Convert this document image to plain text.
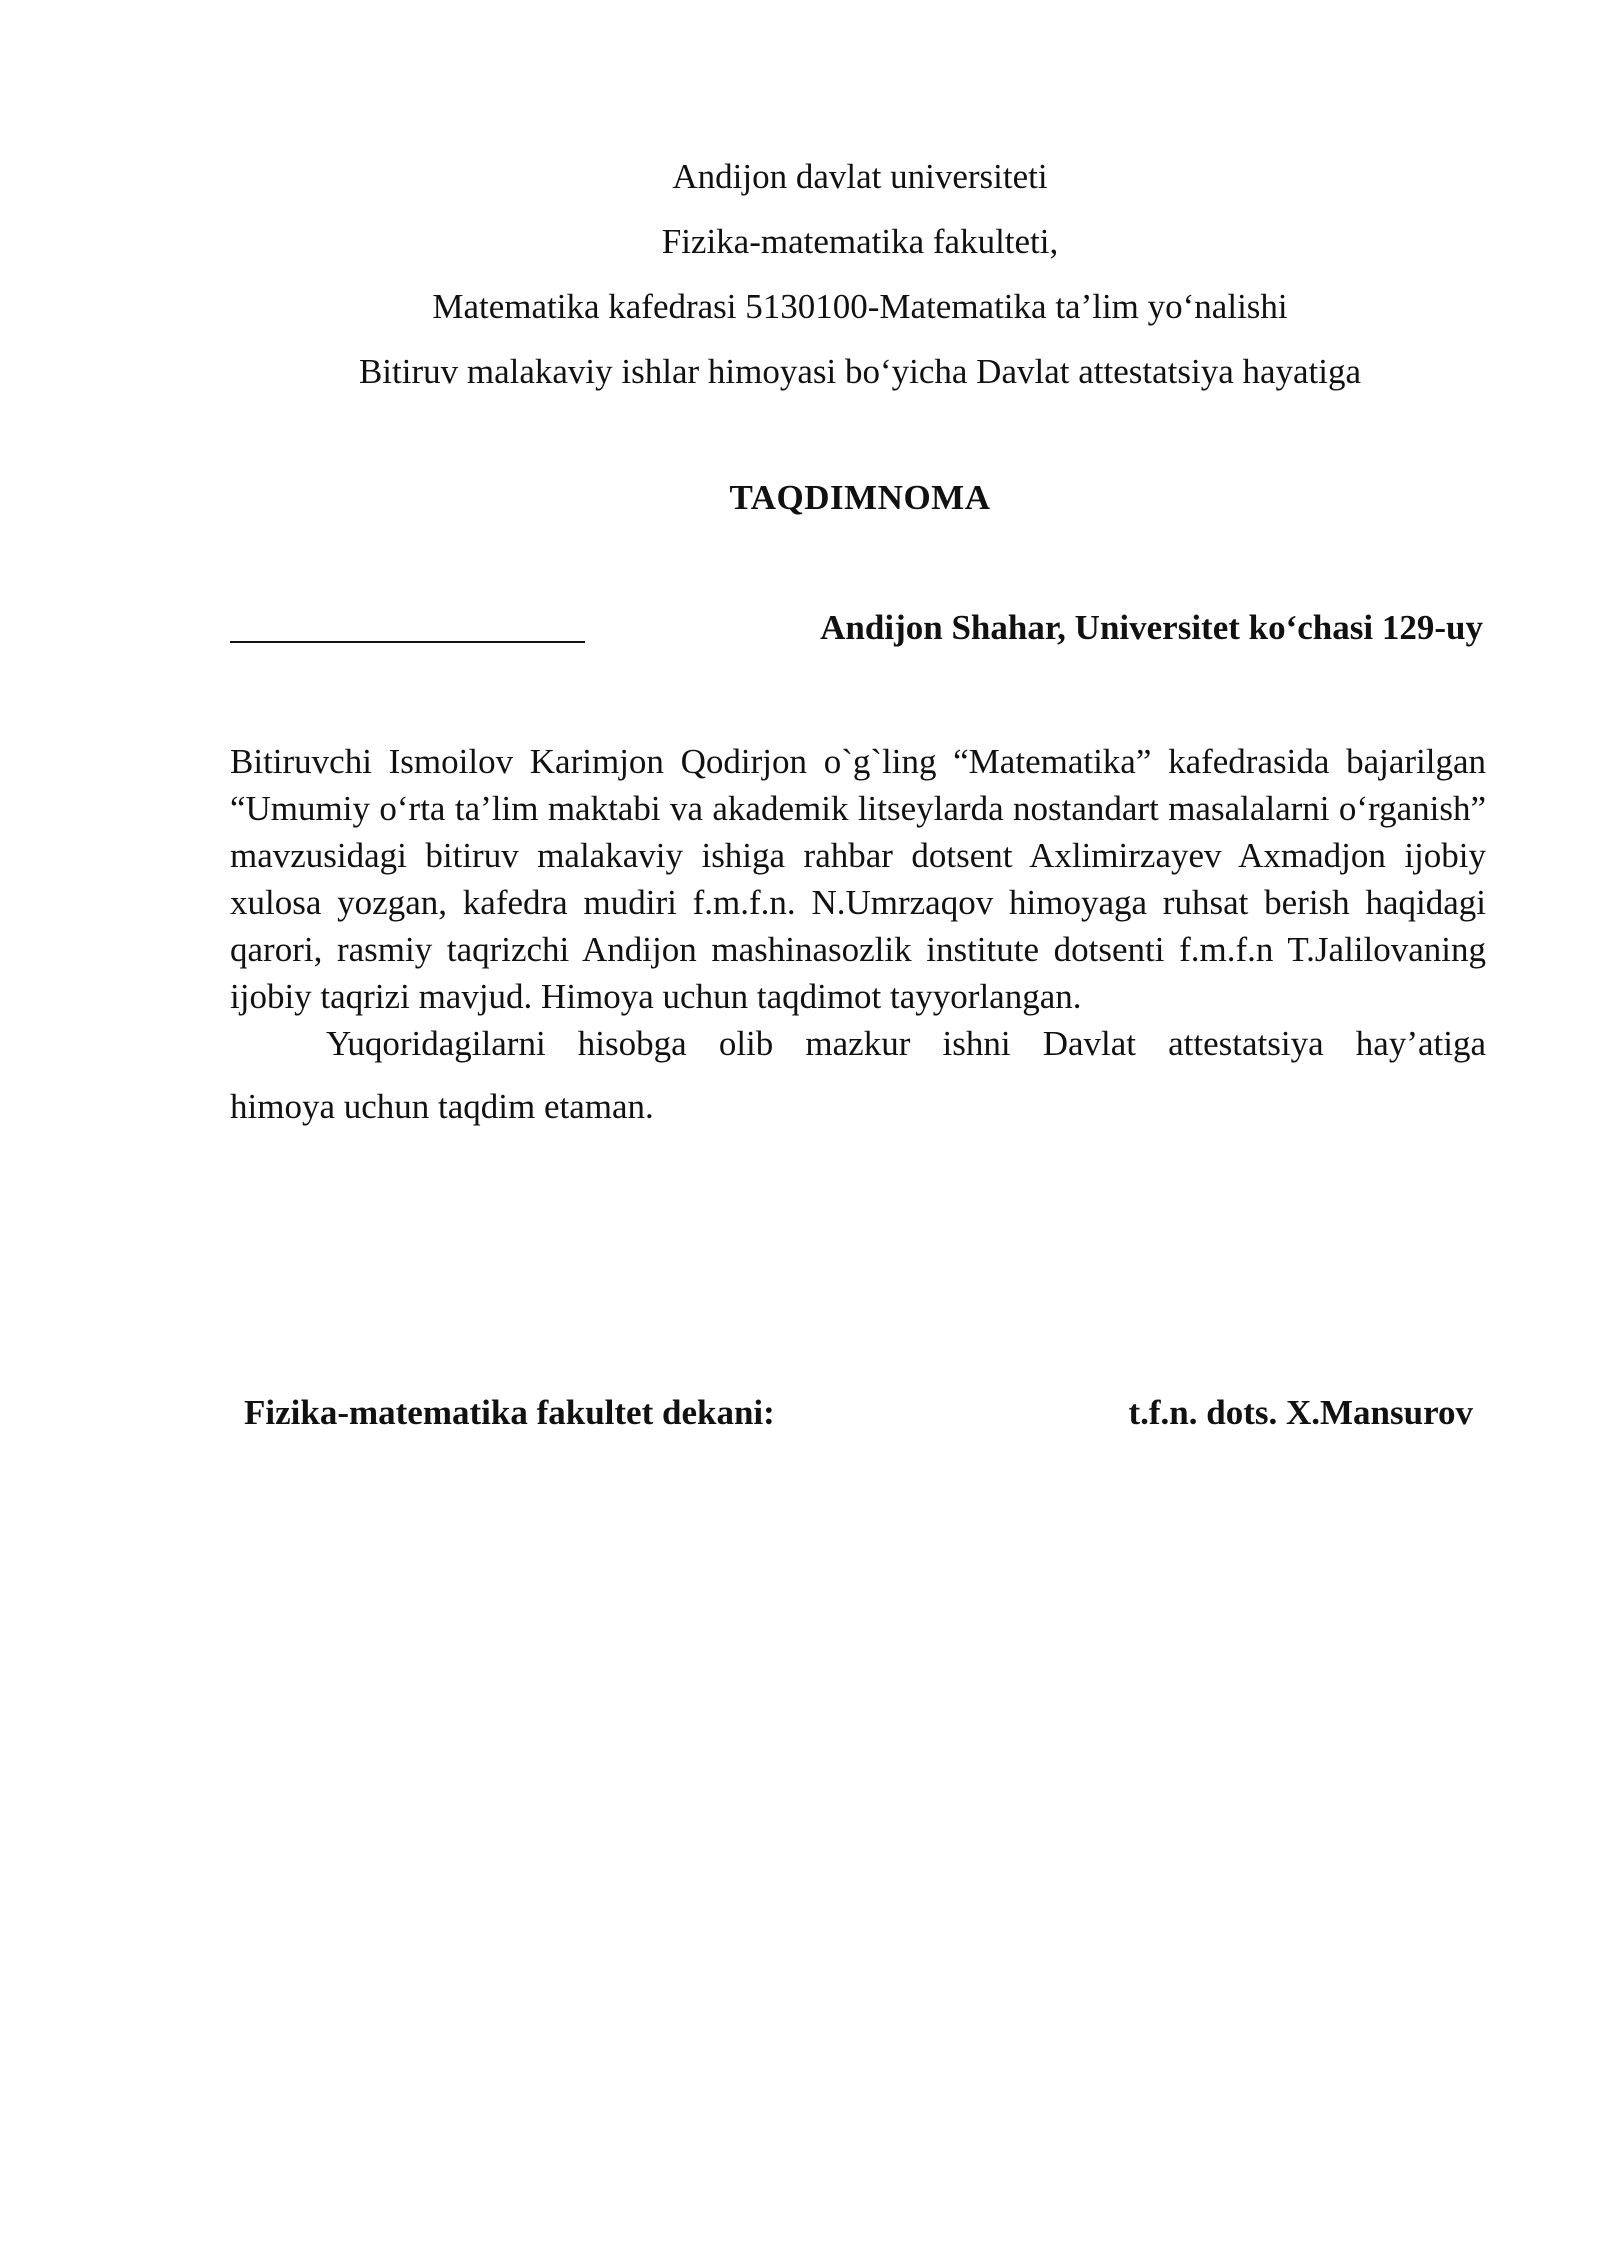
Andijon davlat universiteti
Fizika-matematika fakulteti,
Matematika kafedrasi 5130100-Matematika ta’lim yo‘nalishi
Bitiruv malakaviy ishlar himoyasi bo‘yicha Davlat attestatsiya hayatiga
TAQDIMNOMA
Andijon Shahar, Universitet ko‘chasi 129-uy

Bitiruvchi Ismoilov Karimjon Qodirjon o`g`ling “Matematika” kafedrasida bajarilgan “Umumiy o‘rta ta’lim maktabi va akademik litseylarda nostandart masalalarni o‘rganish” mavzusidagi bitiruv malakaviy ishiga rahbar dotsent Axlimirzayev Axmadjon ijobiy xulosa yozgan, kafedra mudiri f.m.f.n. N.Umrzaqov himoyaga ruhsat berish haqidagi qarori, rasmiy taqrizchi Andijon mashinasozlik institute dotsenti f.m.f.n T.Jalilovaning ijobiy taqrizi mavjud. Himoya uchun taqdimot tayyorlangan.

Yuqoridagilarni hisobga olib mazkur ishni Davlat attestatsiya hay’atiga

himoya uchun taqdim etaman.

Fizika-matematika fakultet dekani:	t.f.n. dots. X.Mansurov
